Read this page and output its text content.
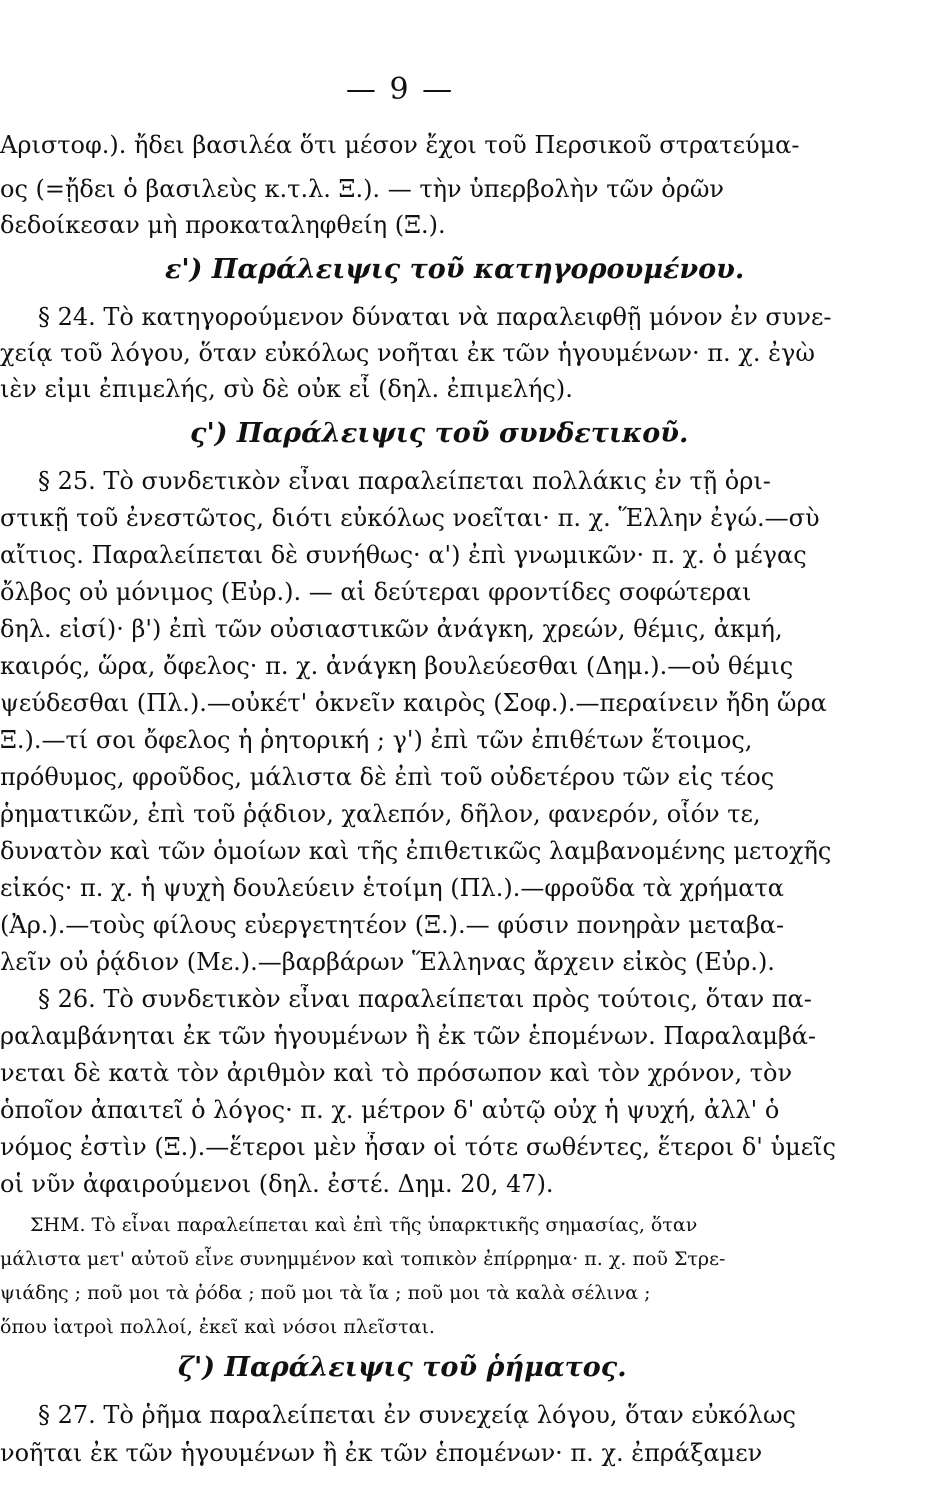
— 9 —
Αριστοφ.). ἤδει βασιλέα ὅτι μέσον ἔχοι τοῦ Περσικοῦ στρατεύμα-
ος (=ᾔδει ὁ βασιλεὺς κ.τ.λ. Ξ.). — τὴν ὑπερβολὴν τῶν ὀρῶν
δεδοίκεσαν μὴ προκαταληφθείη (Ξ.).
ε') Παράλειψις τοῦ κατηγορουμένου.
§ 24. Τὸ κατηγορούμενον δύναται νὰ παραλειφθῇ μόνον ἐν συνε-
χείᾳ τοῦ λόγου, ὅταν εὐκόλως νοῆται ἐκ τῶν ἡγουμένων· π. χ. ἐγὼ
ιὲν εἰμι ἐπιμελής, σὺ δὲ οὐκ εἶ (δηλ. ἐπιμελής).
ς') Παράλειψις τοῦ συνδετικοῦ.
§ 25. Τὸ συνδετικὸν εἶναι παραλείπεται πολλάκις ἐν τῇ ὁρι-
στικῇ τοῦ ἐνεστῶτος, διότι εὐκόλως νοεῖται· π. χ. Ἕλλην ἐγώ.—σὺ
αἴτιος. Παραλείπεται δὲ συνήθως· α') ἐπὶ γνωμικῶν· π. χ. ὁ μέγας
ὄλβος οὐ μόνιμος (Εὐρ.). — αἱ δεύτεραι φροντίδες σοφώτεραι
δηλ. εἰσί)· β') ἐπὶ τῶν οὐσιαστικῶν ἀνάγκη, χρεών, θέμις, ἀκμή,
καιρός, ὥρα, ὄφελος· π. χ. ἀνάγκη βουλεύεσθαι (Δημ.).—οὐ θέμις
ψεύδεσθαι (Πλ.).—οὐκέτ' ὀκνεῖν καιρὸς (Σοφ.).—περαίνειν ἤδη ὥρα
Ξ.).—τί σοι ὄφελος ἡ ῥητορική ; γ') ἐπὶ τῶν ἐπιθέτων ἕτοιμος,
πρόθυμος, φροῦδος, μάλιστα δὲ ἐπὶ τοῦ οὐδετέρου τῶν εἰς τέος
ῥηματικῶν, ἐπὶ τοῦ ῥᾴδιον, χαλεπόν, δῆλον, φανερόν, οἷόν τε,
δυνατὸν καὶ τῶν ὁμοίων καὶ τῆς ἐπιθετικῶς λαμβανομένης μετοχῆς
εἰκός· π. χ. ἡ ψυχὴ δουλεύειν ἑτοίμη (Πλ.).—φροῦδα τὰ χρήματα
(Ἀρ.).—τοὺς φίλους εὐεργετητέον (Ξ.).— φύσιν πονηρὰν μεταβα-
λεῖν οὐ ῥᾴδιον (Με.).—βαρβάρων Ἕλληνας ἄρχειν εἰκὸς (Εὐρ.).
§ 26. Τὸ συνδετικὸν εἶναι παραλείπεται πρὸς τούτοις, ὅταν πα-
ραλαμβάνηται ἐκ τῶν ἡγουμένων ἢ ἐκ τῶν ἑπομένων. Παραλαμβά-
νεται δὲ κατὰ τὸν ἀριθμὸν καὶ τὸ πρόσωπον καὶ τὸν χρόνον, τὸν
ὁποῖον ἀπαιτεῖ ὁ λόγος· π. χ. μέτρον δ' αὐτῷ οὐχ ἡ ψυχή, ἀλλ' ὁ
νόμος ἐστὶν (Ξ.).—ἕτεροι μὲν ἦσαν οἱ τότε σωθέντες, ἕτεροι δ' ὑμεῖς
οἱ νῦν ἀφαιρούμενοι (δηλ. ἐστέ. Δημ. 20, 47).
ΣΗΜ. Τὸ εἶναι παραλείπεται καὶ ἐπὶ τῆς ὑπαρκτικῆς σημασίας, ὅταν
μάλιστα μετ' αὐτοῦ εἶνε συνημμένον καὶ τοπικὸν ἐπίρρημα· π. χ. ποῦ Στρε-
ψιάδης ; ποῦ μοι τὰ ῥόδα ; ποῦ μοι τὰ ἴα ; ποῦ μοι τὰ καλὰ σέλινα ;
ὅπου ἰατροὶ πολλοί, ἐκεῖ καὶ νόσοι πλεῖσται.
ζ') Παράλειψις τοῦ ῥήματος.
§ 27. Τὸ ῥῆμα παραλείπεται ἐν συνεχείᾳ λόγου, ὅταν εὐκόλως
νοῆται ἐκ τῶν ἡγουμένων ἢ ἐκ τῶν ἑπομένων· π. χ. ἐπράξαμεν
